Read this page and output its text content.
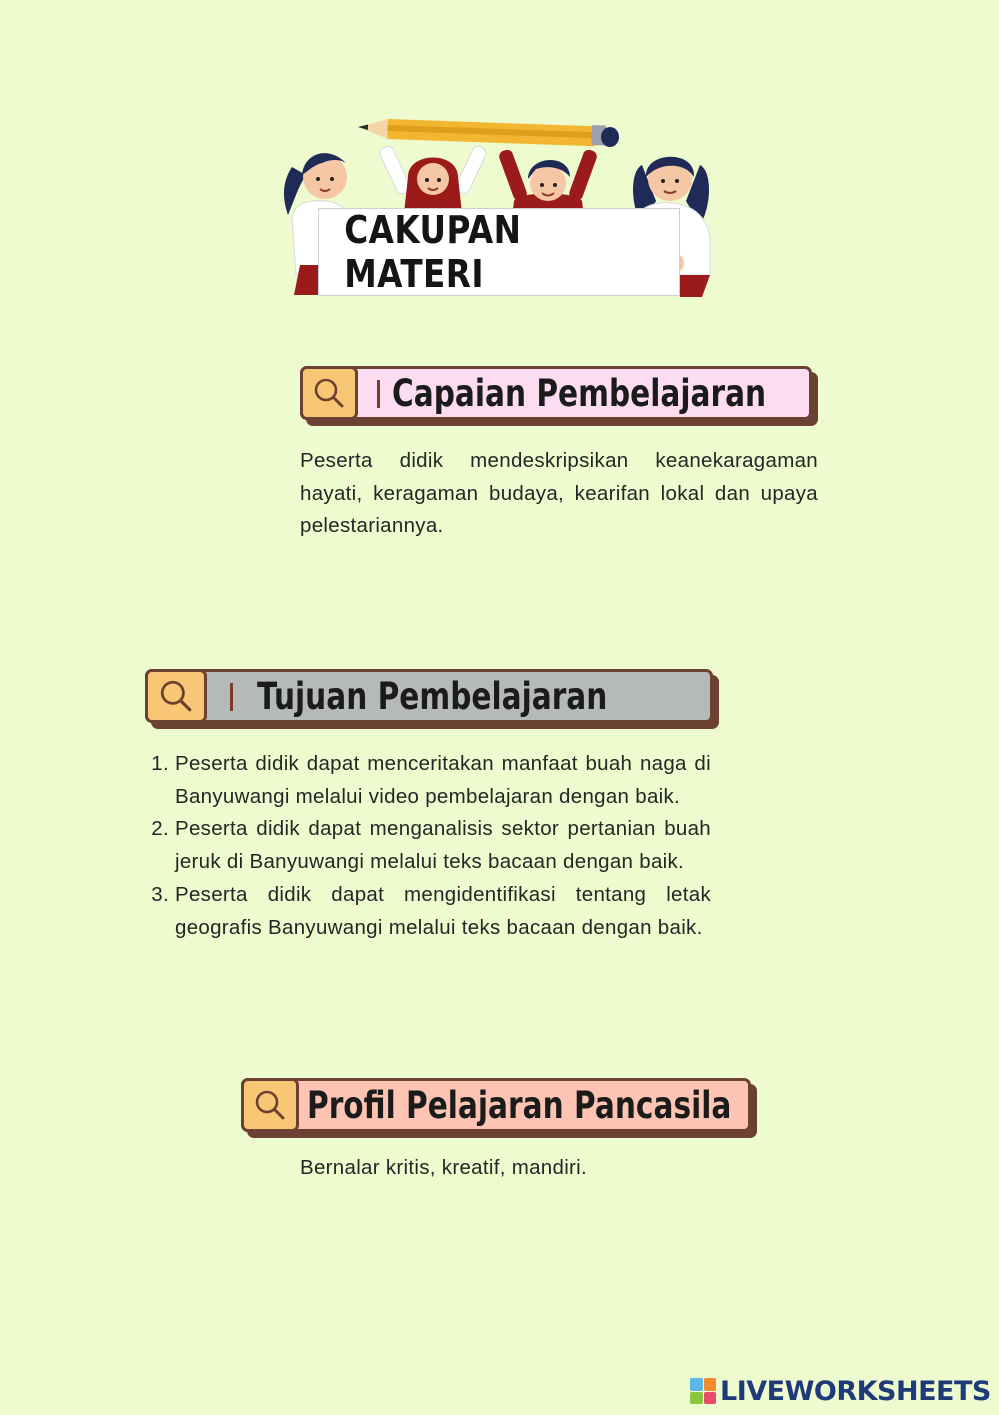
CAKUPAN MATERI
Capaian Pembelajaran
Peserta didik mendeskripsikan keanekaragaman hayati, keragaman budaya, kearifan lokal dan upaya pelestariannya.
Tujuan Pembelajaran
1. Peserta didik dapat menceritakan manfaat buah naga di Banyuwangi melalui video pembelajaran dengan baik.
2. Peserta didik dapat menganalisis sektor pertanian buah jeruk di Banyuwangi melalui teks bacaan dengan baik.
3. Peserta didik dapat mengidentifikasi tentang letak geografis Banyuwangi melalui teks bacaan dengan baik.
Profil Pelajaran Pancasila
Bernalar kritis, kreatif, mandiri.
LIVEWORKSHEETS
